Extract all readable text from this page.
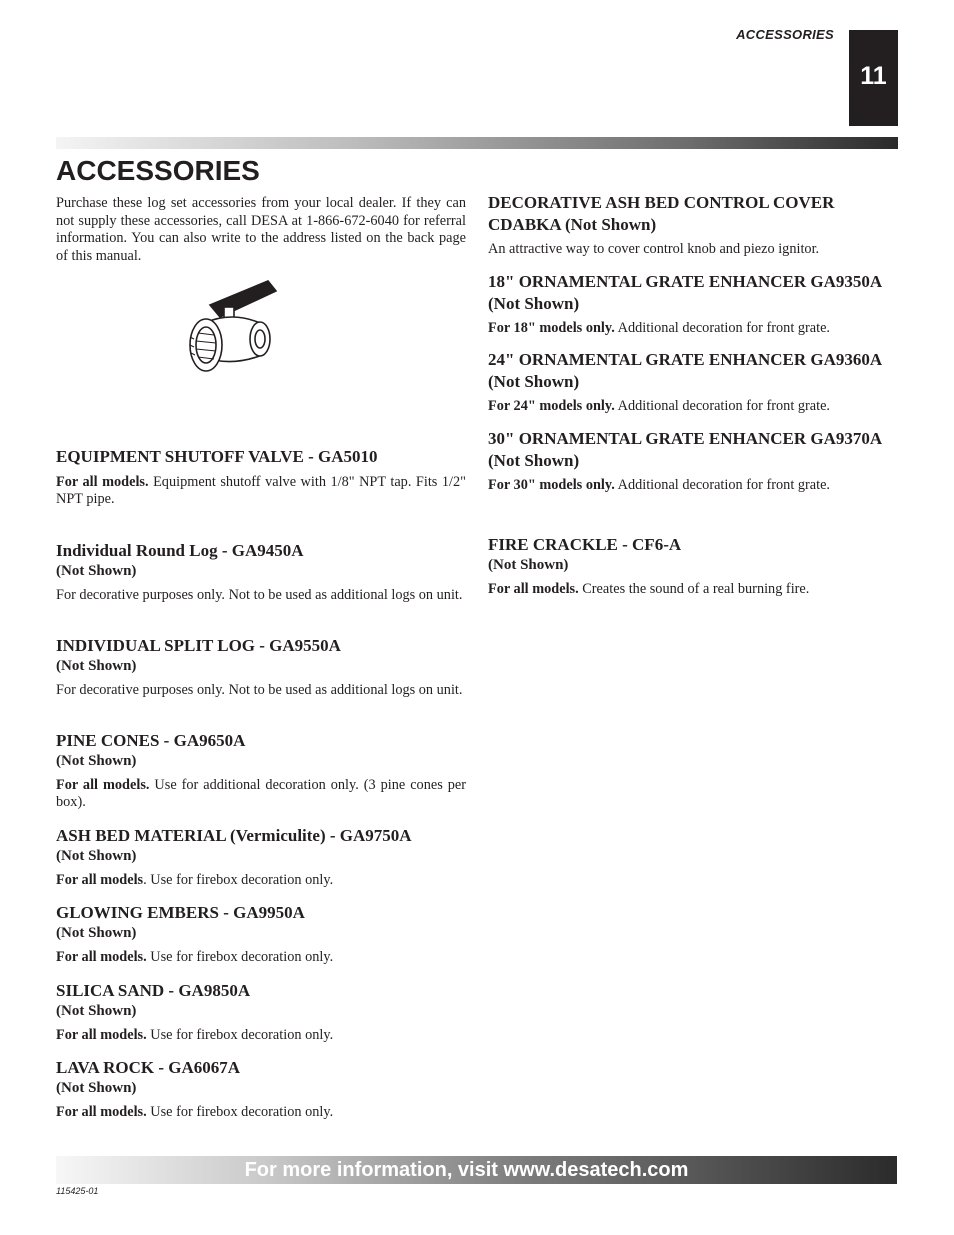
ACCESSORIES
11
ACCESSORIES

Purchase these log set accessories from your local dealer. If they can not supply these accessories, call DESA at 1-866-672-6040 for referral information. You can also write to the address listed on the back page of this manual.

EQUIPMENT SHUTOFF VALVE - GA5010

For all models. Equipment shutoff valve with 1/8" NPT tap. Fits 1/2" NPT pipe.

Individual Round Log - GA9450A
(Not Shown)

For decorative purposes only. Not to be used as additional logs on unit.

INDIVIDUAL SPLIT LOG - GA9550A
(Not Shown)

For decorative purposes only. Not to be used as additional logs on unit.

PINE CONES - GA9650A
(Not Shown)

For all models. Use for additional decoration only. (3 pine cones per box).

ASH BED MATERIAL (Vermiculite) - GA9750A
(Not Shown)

For all models. Use for firebox decoration only.

GLOWING EMBERS - GA9950A
(Not Shown)

For all models. Use for firebox decoration only.

SILICA SAND - GA9850A
(Not Shown)

For all models. Use for firebox decoration only.

LAVA ROCK - GA6067A
(Not Shown)

For all models. Use for firebox decoration only.

DECORATIVE ASH BED CONTROL COVER CDABKA (Not Shown)

An attractive way to cover control knob and piezo ignitor.

18" ORNAMENTAL GRATE ENHANCER GA9350A (Not Shown)

For 18" models only. Additional decoration for front grate.

24" ORNAMENTAL GRATE ENHANCER GA9360A (Not Shown)

For 24" models only. Additional decoration for front grate.

30" ORNAMENTAL GRATE ENHANCER GA9370A (Not Shown)

For 30" models only. Additional decoration for front grate.

FIRE CRACKLE - CF6-A
(Not Shown)

For all models. Creates the sound of a real burning fire.

For more information, visit www.desatech.com
115425-01
